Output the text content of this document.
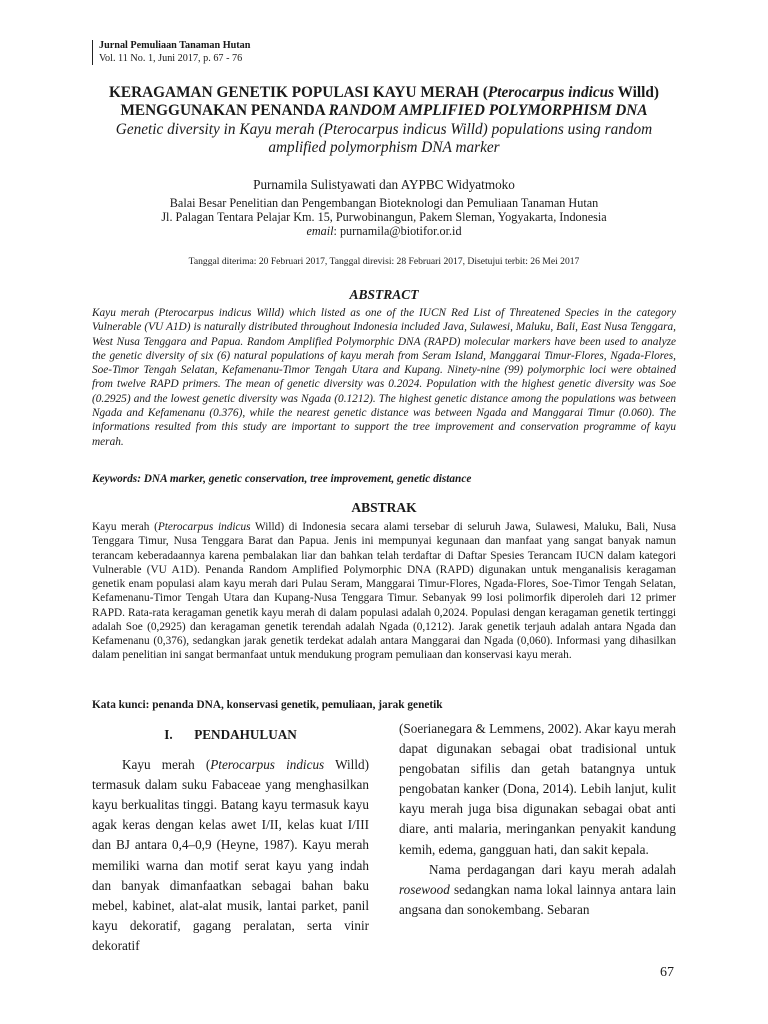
Jurnal Pemuliaan Tanaman Hutan
Vol. 11 No. 1, Juni 2017, p. 67 - 76
KERAGAMAN GENETIK POPULASI KAYU MERAH (Pterocarpus indicus Willd)
MENGGUNAKAN PENANDA RANDOM AMPLIFIED POLYMORPHISM DNA
Genetic diversity in Kayu merah (Pterocarpus indicus Willd) populations using random
amplified polymorphism DNA marker
Purnamila Sulistyawati dan AYPBC Widyatmoko
Balai Besar Penelitian dan Pengembangan Bioteknologi dan Pemuliaan Tanaman Hutan
Jl. Palagan Tentara Pelajar Km. 15, Purwobinangun, Pakem Sleman, Yogyakarta, Indonesia
email: purnamila@biotifor.or.id
Tanggal diterima: 20 Februari 2017, Tanggal direvisi: 28 Februari 2017, Disetujui terbit: 26 Mei 2017
ABSTRACT
Kayu merah (Pterocarpus indicus Willd) which listed as one of the IUCN Red List of Threatened Species in the category Vulnerable (VU A1D) is naturally distributed throughout Indonesia included Java, Sulawesi, Maluku, Bali, East Nusa Tenggara, West Nusa Tenggara and Papua. Random Amplified Polymorphic DNA (RAPD) molecular markers have been used to analyze the genetic diversity of six (6) natural populations of kayu merah from Seram Island, Manggarai Timur-Flores, Ngada-Flores, Soe-Timor Tengah Selatan, Kefamenanu-Timor Tengah Utara and Kupang. Ninety-nine (99) polymorphic loci were obtained from twelve RAPD primers. The mean of genetic diversity was 0.2024. Population with the highest genetic diversity was Soe (0.2925) and the lowest genetic diversity was Ngada (0.1212). The highest genetic distance among the populations was between Ngada and Kefamenanu (0.376), while the nearest genetic distance was between Ngada and Manggarai Timur (0.060). The informations resulted from this study are important to support the tree improvement and conservation programme of kayu merah.
Keywords: DNA marker, genetic conservation, tree improvement, genetic distance
ABSTRAK
Kayu merah (Pterocarpus indicus Willd) di Indonesia secara alami tersebar di seluruh Jawa, Sulawesi, Maluku, Bali, Nusa Tenggara Timur, Nusa Tenggara Barat dan Papua. Jenis ini mempunyai kegunaan dan manfaat yang sangat banyak namun terancam keberadaannya karena pembalakan liar dan bahkan telah terdaftar di Daftar Spesies Terancam IUCN dalam kategori Vulnerable (VU A1D). Penanda Random Amplified Polymorphic DNA (RAPD) digunakan untuk menganalisis keragaman genetik enam populasi alam kayu merah dari Pulau Seram, Manggarai Timur-Flores, Ngada-Flores, Soe-Timor Tengah Selatan, Kefamenanu-Timor Tengah Utara dan Kupang-Nusa Tenggara Timur. Sebanyak 99 losi polimorfik diperoleh dari 12 primer RAPD. Rata-rata keragaman genetik kayu merah di dalam populasi adalah 0,2024. Populasi dengan keragaman genetik tertinggi adalah Soe (0,2925) dan keragaman genetik terendah adalah Ngada (0,1212). Jarak genetik terjauh adalah antara Ngada dan Kefamenanu (0,376), sedangkan jarak genetik terdekat adalah antara Manggarai dan Ngada (0,060). Informasi yang dihasilkan dalam penelitian ini sangat bermanfaat untuk mendukung program pemuliaan dan konservasi kayu merah.
Kata kunci: penanda DNA, konservasi genetik, pemuliaan, jarak genetik
I. PENDAHULUAN
Kayu merah (Pterocarpus indicus Willd) termasuk dalam suku Fabaceae yang menghasilkan kayu berkualitas tinggi. Batang kayu termasuk kayu agak keras dengan kelas awet I/II, kelas kuat I/III dan BJ antara 0,4–0,9 (Heyne, 1987). Kayu merah memiliki warna dan motif serat kayu yang indah dan banyak dimanfaatkan sebagai bahan baku mebel, kabinet, alat-alat musik, lantai parket, panil kayu dekoratif, gagang peralatan, serta vinir dekoratif
(Soerianegara & Lemmens, 2002). Akar kayu merah dapat digunakan sebagai obat tradisional untuk pengobatan sifilis dan getah batangnya untuk pengobatan kanker (Dona, 2014). Lebih lanjut, kulit kayu merah juga bisa digunakan sebagai obat anti diare, anti malaria, meringankan penyakit kandung kemih, edema, gangguan hati, dan sakit kepala.
Nama perdagangan dari kayu merah adalah rosewood sedangkan nama lokal lainnya antara lain angsana dan sonokembang. Sebaran
67
